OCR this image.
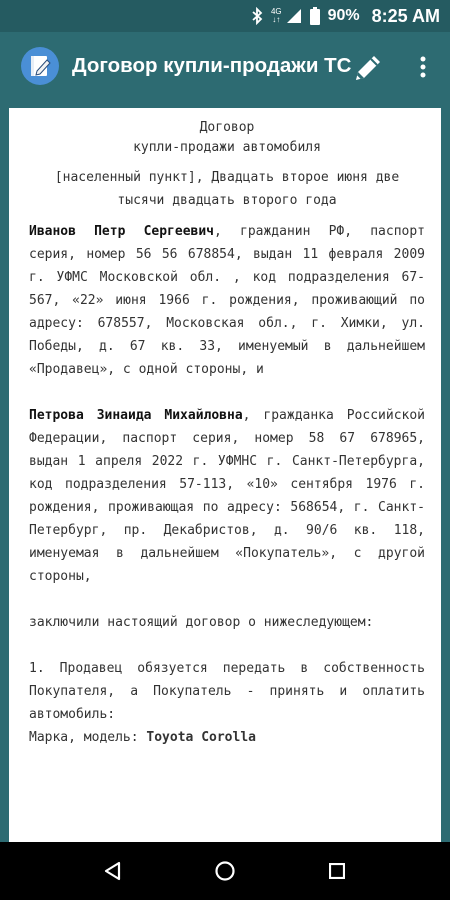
4G
↓↑	90% 8:25 AM
Договор купли-продажи ТС
Договор
купли-продажи автомобиля
[населенный пункт], Двадцать второе июня две
тысячи двадцать второго года

Иванов Петр Сергеевич, гражданин РФ, паспорт серия, номер 56 56 678854, выдан 11 февраля 2009 г. УФМС Московской обл. , код подразделения 67-567, «22» июня 1966 г. рождения, проживающий по адресу: 678557, Московская обл., г. Химки, ул. Победы, д. 67 кв. 33, именуемый в дальнейшем «Продавец», с одной стороны, и

Петрова Зинаида Михайловна, гражданка Российской Федерации, паспорт серия, номер 58 67 678965, выдан 1 апреля 2022 г. УФМНС г. Санкт-Петербурга, код подразделения 57-113, «10» сентября 1976 г. рождения, проживающая по адресу: 568654, г. Санкт-Петербург, пр. Декабристов, д. 90/6 кв. 118, именуемая в дальнейшем «Покупатель», с другой стороны,

заключили настоящий договор о нижеследующем:

1. Продавец обязуется передать в собственность Покупателя, а Покупатель - принять и оплатить автомобиль:

Марка, модель: Toyota Corolla
